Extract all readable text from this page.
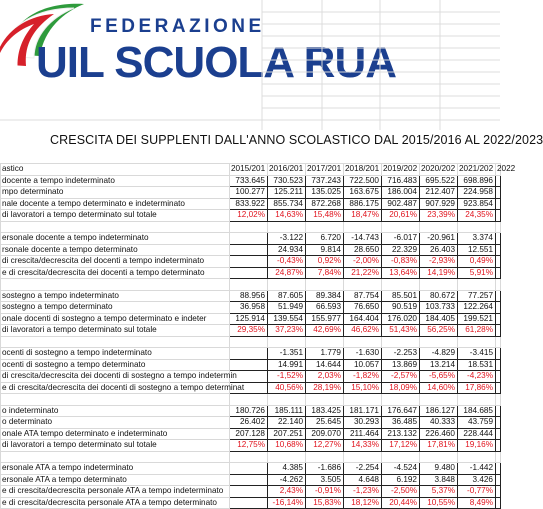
FEDERAZIONE
UIL SCUOLA RUA
CRESCITA DEI SUPPLENTI DALL'ANNO SCOLASTICO DAL 2015/2016 AL 2022/2023
astico	2015/201	2016/201	2017/201	2018/201	2019/202	2020/202	2021/202	2022
docente a tempo indeterminato	733.645	730.523	737.243	722.500	716.483	695.522	698.896	
mpo determinato	100.277	125.211	135.025	163.675	186.004	212.407	224.958	
nale docente a tempo determinato e indeterminato	833.922	855.734	872.268	886.175	902.487	907.929	923.854	
di lavoratori a tempo determinato sul totale	12,02%	14,63%	15,48%	18,47%	20,61%	23,39%	24,35%	

ersonale docente a tempo indeterminato		-3.122	6.720	-14.743	-6.017	-20.961	3.374	
rsonale docente a tempo determinato		24.934	9.814	28.650	22.329	26.403	12.551	
di crescita/decrescita del docenti a tempo indeterminato		-0,43%	0,92%	-2,00%	-0,83%	-2,93%	0,49%	
e di crescita/decrescita dei docenti a tempo determinato		24,87%	7,84%	21,22%	13,64%	14,19%	5,91%	

sostegno a tempo indeterminato	88.956	87.605	89.384	87.754	85.501	80.672	77.257	
sostegno a tempo determinato	36.958	51.949	66.593	76.650	90.519	103.733	122.264	
onale docenti di sostegno a tempo determinato e indeter	125.914	139.554	155.977	164.404	176.020	184.405	199.521	
di lavoratori a tempo determinato sul totale	29,35%	37,23%	42,69%	46,62%	51,43%	56,25%	61,28%	

ocenti di sostegno a tempo indeterminato		-1.351	1.779	-1.630	-2.253	-4.829	-3.415	
ocenti di sostegno a tempo determinato		14.991	14.644	10.057	13.869	13.214	18.531	
di crescita/decrescita dei docenti di sostegno a tempo indetermin		-1,52%	2,03%	-1,82%	-2,57%	-5,65%	-4,23%	
e di crescita/decrescita dei docenti di sostegno a tempo determinat		40,56%	28,19%	15,10%	18,09%	14,60%	17,86%	

o indeterminato	180.726	185.111	183.425	181.171	176.647	186.127	184.685	
o determinato	26.402	22.140	25.645	30.293	36.485	40.333	43.759	
onale ATA tempo determinato e indeterminato	207.128	207.251	209.070	211.464	213.132	226.460	228.444	
di lavoratori a tempo determinato sul totale	12,75%	10,68%	12,27%	14,33%	17,12%	17,81%	19,16%	

ersonale ATA a tempo indeterminato		4.385	-1.686	-2.254	-4.524	9.480	-1.442	
ersonale ATA a tempo determinato		-4.262	3.505	4.648	6.192	3.848	3.426	
e di crescita/decrescita personale ATA a tempo indeterminato		2,43%	-0,91%	-1,23%	-2,50%	5,37%	-0,77%	
e di crescita/decrescita personale ATA a tempo determinato		-16,14%	15,83%	18,12%	20,44%	10,55%	8,49%	
